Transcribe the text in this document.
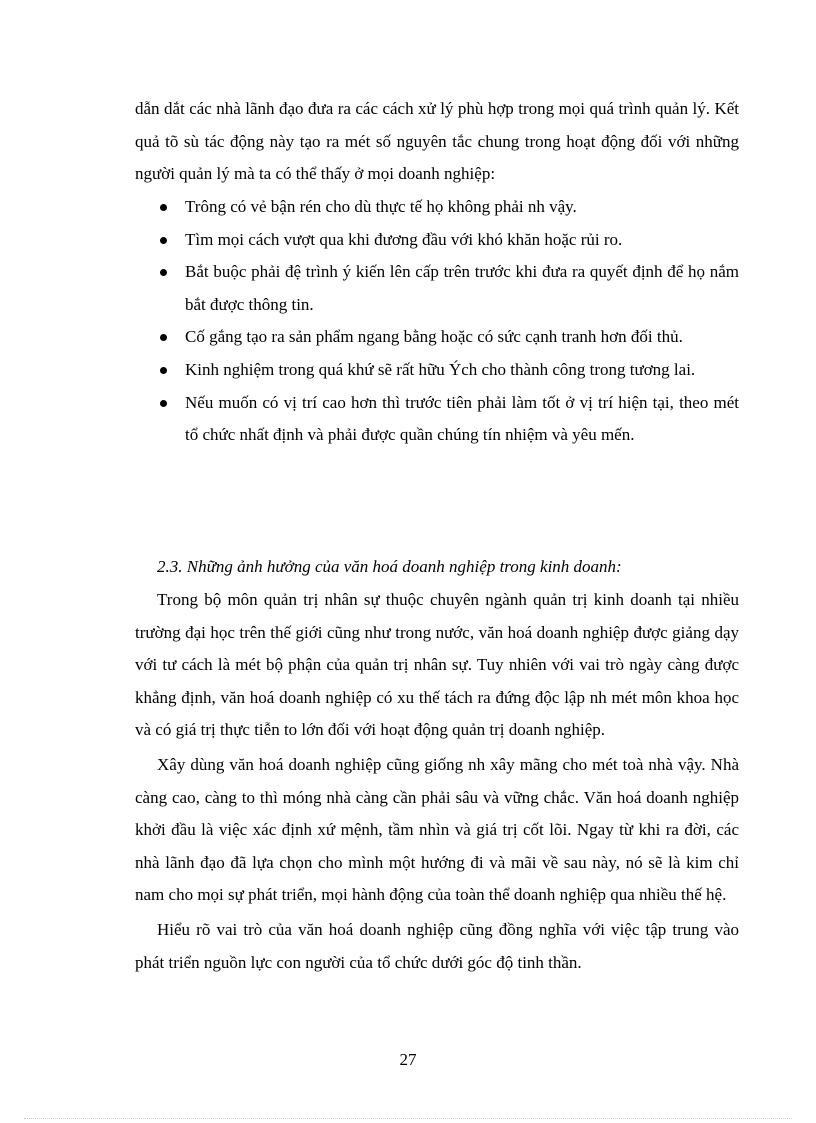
dẫn dắt các nhà lãnh đạo đưa ra các cách xử lý phù hợp trong mọi quá trình quản lý. Kết quả tõ sù tác động này tạo ra mét số nguyên tắc chung trong hoạt động đối với những người quản lý mà ta có thể thấy ở mọi doanh nghiệp:

Trông có vẻ bận rén cho dù thực tế họ không phải nh vậy.
Tìm mọi cách vượt qua khi đương đầu với khó khăn hoặc rủi ro.
Bắt buộc phải đệ trình ý kiến lên cấp trên trước khi đưa ra quyết định để họ nắm bắt được thông tin.
Cố gắng tạo ra sản phẩm ngang bằng hoặc có sức cạnh tranh hơn đối thủ.
Kinh nghiệm trong quá khứ sẽ rất hữu Ých cho thành công trong tương lai.
Nếu muốn có vị trí cao hơn thì trước tiên phải làm tốt ở vị trí hiện tại, theo mét tổ chức nhất định và phải được quần chúng tín nhiệm và yêu mến.
2.3. Những ảnh hưởng của văn hoá doanh nghiệp trong kinh doanh:

Trong bộ môn quản trị nhân sự thuộc chuyên ngành quản trị kinh doanh tại nhiều trường đại học trên thế giới cũng như trong nước, văn hoá doanh nghiệp được giảng dạy với tư cách là mét bộ phận của quản trị nhân sự. Tuy nhiên với vai trò ngày càng được khẳng định, văn hoá doanh nghiệp có xu thế tách ra đứng độc lập nh mét môn khoa học và có giá trị thực tiễn to lớn đối với hoạt động quản trị doanh nghiệp.

Xây dùng văn hoá doanh nghiệp cũng giống nh xây mãng cho mét toà nhà vậy. Nhà càng cao, càng to thì móng nhà càng cần phải sâu và vững chắc. Văn hoá doanh nghiệp khởi đầu là việc xác định xứ mệnh, tầm nhìn và giá trị cốt lõi. Ngay từ khi ra đời, các nhà lãnh đạo đã lựa chọn cho mình một hướng đi và mãi về sau này, nó sẽ là kim chỉ nam cho mọi sự phát triển, mọi hành động của toàn thể doanh nghiệp qua nhiều thế hệ.

Hiểu rõ vai trò của văn hoá doanh nghiệp cũng đồng nghĩa với việc tập trung vào phát triển nguồn lực con người của tổ chức dưới góc độ tinh thần.

27
